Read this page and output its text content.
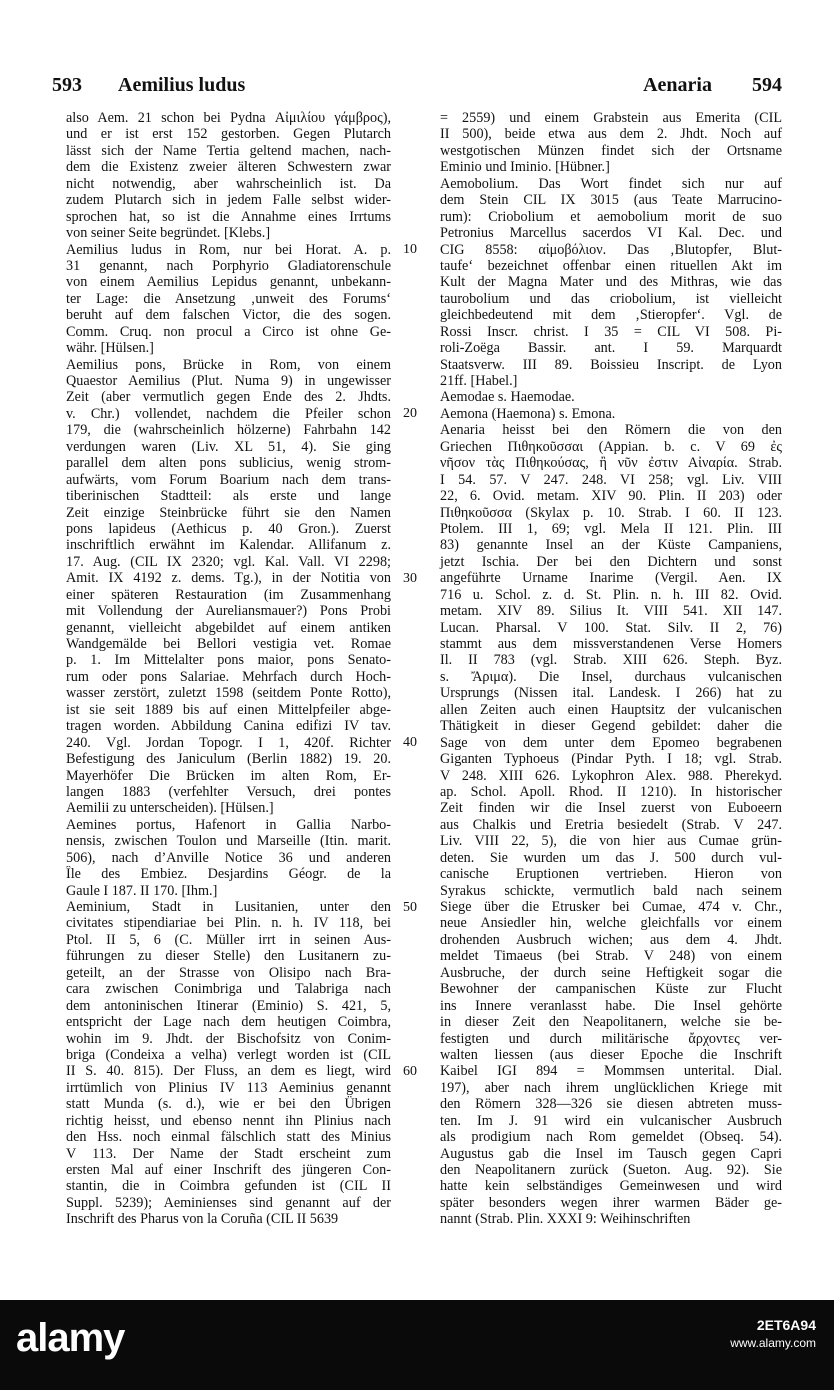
593 Aemilius ludus	Aenaria 594

also Aem. 21 schon bei Pydna Αἰμιλίου γάμβρος),
und er ist erst 152 gestorben. Gegen Plutarch
lässt sich der Name Tertia geltend machen, nach-
dem die Existenz zweier älteren Schwestern zwar
nicht notwendig, aber wahrscheinlich ist. Da
zudem Plutarch sich in jedem Falle selbst wider-
sprochen hat, so ist die Annahme eines Irrtums
von seiner Seite begründet. [Klebs.]

Aemilius ludus in Rom, nur bei Horat. A. p.
31 genannt, nach Porphyrio Gladiatorenschule
von einem Aemilius Lepidus genannt, unbekann-
ter Lage: die Ansetzung ‚unweit des Forums‘
beruht auf dem falschen Victor, die des sogen.
Comm. Cruq. non procul a Circo ist ohne Ge-
währ. [Hülsen.]

Aemilius pons, Brücke in Rom, von einem
Quaestor Aemilius (Plut. Numa 9) in ungewisser
Zeit (aber vermutlich gegen Ende des 2. Jhdts.
v. Chr.) vollendet, nachdem die Pfeiler schon
179, die (wahrscheinlich hölzerne) Fahrbahn 142
verdungen waren (Liv. XL 51, 4). Sie ging
parallel dem alten pons sublicius, wenig strom-
aufwärts, vom Forum Boarium nach dem trans-
tiberinischen Stadtteil: als erste und lange
Zeit einzige Steinbrücke führt sie den Namen
pons lapideus (Aethicus p. 40 Gron.). Zuerst
inschriftlich erwähnt im Kalendar. Allifanum z.
17. Aug. (CIL IX 2320; vgl. Kal. Vall. VI 2298;
Amit. IX 4192 z. dems. Tg.), in der Notitia von
einer späteren Restauration (im Zusammenhang
mit Vollendung der Aureliansmauer?) Pons Probi
genannt, vielleicht abgebildet auf einem antiken
Wandgemälde bei Bellori vestigia vet. Romae
p. 1. Im Mittelalter pons maior, pons Senato-
rum oder pons Salariae. Mehrfach durch Hoch-
wasser zerstört, zuletzt 1598 (seitdem Ponte Rotto),
ist sie seit 1889 bis auf einen Mittelpfeiler abge-
tragen worden. Abbildung Canina edifizi IV tav.
240. Vgl. Jordan Topogr. I 1, 420f. Richter
Befestigung des Janiculum (Berlin 1882) 19. 20.
Mayerhöfer Die Brücken im alten Rom, Er-
langen 1883 (verfehlter Versuch, drei pontes
Aemilii zu unterscheiden). [Hülsen.]

Aemines portus, Hafenort in Gallia Narbo-
nensis, zwischen Toulon und Marseille (Itin. marit.
506), nach d’Anville Notice 36 und anderen
Île des Embiez. Desjardins Géogr. de la
Gaule I 187. II 170. [Ihm.]

Aeminium, Stadt in Lusitanien, unter den
civitates stipendiariae bei Plin. n. h. IV 118, bei
Ptol. II 5, 6 (C. Müller irrt in seinen Aus-
führungen zu dieser Stelle) den Lusitanern zu-
geteilt, an der Strasse von Olisipo nach Bra-
cara zwischen Conimbriga und Talabriga nach
dem antoninischen Itinerar (Eminio) S. 421, 5,
entspricht der Lage nach dem heutigen Coimbra,
wohin im 9. Jhdt. der Bischofsitz von Conim-
briga (Condeixa a velha) verlegt worden ist (CIL
II S. 40. 815). Der Fluss, an dem es liegt, wird
irrtümlich von Plinius IV 113 Aeminius genannt
statt Munda (s. d.), wie er bei den Übrigen
richtig heisst, und ebenso nennt ihn Plinius nach
den Hss. noch einmal fälschlich statt des Minius
V 113. Der Name der Stadt erscheint zum
ersten Mal auf einer Inschrift des jüngeren Con-
stantin, die in Coimbra gefunden ist (CIL II
Suppl. 5239); Aeminienses sind genannt auf der
Inschrift des Pharus von la Coruña (CIL II 5639

10
20
30
40
50
60

= 2559) und einem Grabstein aus Emerita (CIL
II 500), beide etwa aus dem 2. Jhdt. Noch auf
westgotischen Münzen findet sich der Ortsname
Eminio und Iminio. [Hübner.]

Aemobolium. Das Wort findet sich nur auf
dem Stein CIL IX 3015 (aus Teate Marrucino-
rum): Criobolium et aemobolium morit de suo
Petronius Marcellus sacerdos VI Kal. Dec. und
CIG 8558: αἱμοβόλιον. Das ‚Blutopfer, Blut-
taufe‘ bezeichnet offenbar einen rituellen Akt im
Kult der Magna Mater und des Mithras, wie das
taurobolium und das criobolium, ist vielleicht
gleichbedeutend mit dem ‚Stieropfer‘. Vgl. de
Rossi Inscr. christ. I 35 = CIL VI 508. Pi-
roli-Zoëga Bassir. ant. I 59. Marquardt
Staatsverw. III 89. Boissieu Inscript. de Lyon
21ff. [Habel.]

Aemodae s. Haemodae.

Aemona (Haemona) s. Emona.

Aenaria heisst bei den Römern die von den
Griechen Πιθηκοῦσσαι (Appian. b. c. V 69 ἐς
νῆσον τὰς Πιθηκούσας, ἢ νῦν ἐστιν Αἰναρία. Strab.
I 54. 57. V 247. 248. VI 258; vgl. Liv. VIII
22, 6. Ovid. metam. XIV 90. Plin. II 203) oder
Πιθηκοῦσσα (Skylax p. 10. Strab. I 60. II 123.
Ptolem. III 1, 69; vgl. Mela II 121. Plin. III
83) genannte Insel an der Küste Campaniens,
jetzt Ischia. Der bei den Dichtern und sonst
angeführte Urname Inarime (Vergil. Aen. IX
716 u. Schol. z. d. St. Plin. n. h. III 82. Ovid.
metam. XIV 89. Silius It. VIII 541. XII 147.
Lucan. Pharsal. V 100. Stat. Silv. II 2, 76)
stammt aus dem missverstandenen Verse Homers
Il. II 783 (vgl. Strab. XIII 626. Steph. Byz.
s. Ἄριμα). Die Insel, durchaus vulcanischen
Ursprungs (Nissen ital. Landesk. I 266) hat zu
allen Zeiten auch einen Hauptsitz der vulcanischen
Thätigkeit in dieser Gegend gebildet: daher die
Sage von dem unter dem Epomeo begrabenen
Giganten Typhoeus (Pindar Pyth. I 18; vgl. Strab.
V 248. XIII 626. Lykophron Alex. 988. Pherekyd.
ap. Schol. Apoll. Rhod. II 1210). In historischer
Zeit finden wir die Insel zuerst von Euboeern
aus Chalkis und Eretria besiedelt (Strab. V 247.
Liv. VIII 22, 5), die von hier aus Cumae grün-
deten. Sie wurden um das J. 500 durch vul-
canische Eruptionen vertrieben. Hieron von
Syrakus schickte, vermutlich bald nach seinem
Siege über die Etrusker bei Cumae, 474 v. Chr.,
neue Ansiedler hin, welche gleichfalls vor einem
drohenden Ausbruch wichen; aus dem 4. Jhdt.
meldet Timaeus (bei Strab. V 248) von einem
Ausbruche, der durch seine Heftigkeit sogar die
Bewohner der campanischen Küste zur Flucht
ins Innere veranlasst habe. Die Insel gehörte
in dieser Zeit den Neapolitanern, welche sie be-
festigten und durch militärische ἄρχοντες ver-
walten liessen (aus dieser Epoche die Inschrift
Kaibel IGI 894 = Mommsen unterital. Dial.
197), aber nach ihrem unglücklichen Kriege mit
den Römern 328—326 sie diesen abtreten muss-
ten. Im J. 91 wird ein vulcanischer Ausbruch
als prodigium nach Rom gemeldet (Obseq. 54).
Augustus gab die Insel im Tausch gegen Capri
den Neapolitanern zurück (Sueton. Aug. 92). Sie
hatte kein selbständiges Gemeinwesen und wird
später besonders wegen ihrer warmen Bäder ge-
nannt (Strab. Plin. XXXI 9: Weihinschriften

alamy	2ET6A94
www.alamy.com
